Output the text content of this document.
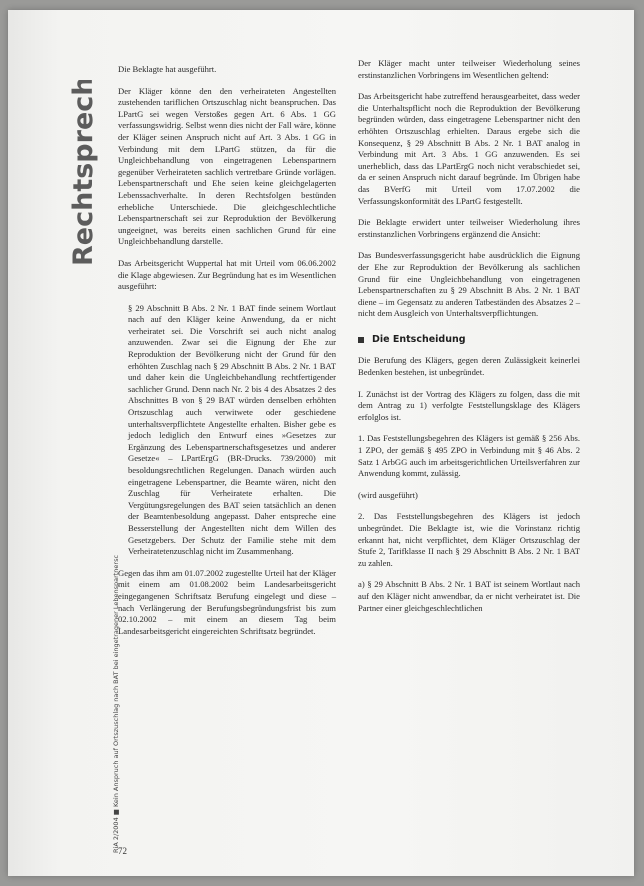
Rechtsprechung
RiA 2/2004 ■ Kein Anspruch auf Ortszuschlag nach BAT bei eingetragener Lebenspartnerschaft

Die Beklagte hat ausgeführt.

Der Kläger könne den den verheirateten Angestellten zustehenden tariflichen Ortszuschlag nicht beanspruchen. Das LPartG sei wegen Verstoßes gegen Art. 6 Abs. 1 GG verfassungswidrig. Selbst wenn dies nicht der Fall wäre, könne der Kläger seinen Anspruch nicht auf Art. 3 Abs. 1 GG in Verbindung mit dem LPartG stützen, da für die Ungleichbehandlung von eingetragenen Lebenspartnern gegenüber Verheirateten sachlich vertretbare Gründe vorlägen. Lebenspartnerschaft und Ehe seien keine gleichgelagerten Lebenssachverhalte. In deren Rechtsfolgen bestünden erhebliche Unterschiede. Die gleichgeschlechtliche Lebenspartnerschaft sei zur Reproduktion der Bevölkerung ungeeignet, was bereits einen sachlichen Grund für eine Ungleichbehandlung darstelle.

Das Arbeitsgericht Wuppertal hat mit Urteil vom 06.06.2002 die Klage abgewiesen. Zur Begründung hat es im Wesentlichen ausgeführt:

§ 29 Abschnitt B Abs. 2 Nr. 1 BAT finde seinem Wortlaut nach auf den Kläger keine Anwendung, da er nicht verheiratet sei. Die Vorschrift sei auch nicht analog anzuwenden. Zwar sei die Eignung der Ehe zur Reproduktion der Bevölkerung nicht der Grund für den erhöhten Zuschlag nach § 29 Abschnitt B Abs. 2 Nr. 1 BAT und daher kein die Ungleichbehandlung rechtfertigender sachlicher Grund. Denn nach Nr. 2 bis 4 des Absatzes 2 des Abschnittes B von § 29 BAT würden denselben erhöhten Ortszuschlag auch verwitwete oder geschiedene unterhaltsverpflichtete Angestellte erhalten. Bisher gebe es jedoch lediglich den Entwurf eines »Gesetzes zur Ergänzung des Lebenspartnerschaftsgesetzes und anderer Gesetze« – LPartErgG (BR-Drucks. 739/2000) mit besoldungsrechtlichen Regelungen. Danach würden auch eingetragene Lebenspartner, die Beamte wären, nicht den Zuschlag für Verheiratete erhalten. Die Vergütungsregelungen des BAT seien tatsächlich an denen der Beamtenbesoldung angepasst. Daher entspreche eine Besserstellung der Angestellten nicht dem Willen des Gesetzgebers. Der Schutz der Familie stehe mit dem Verheiratetenzuschlag nicht im Zusammenhang.

Gegen das ihm am 01.07.2002 zugestellte Urteil hat der Kläger mit einem am 01.08.2002 beim Landesarbeitsgericht eingegangenen Schriftsatz Berufung eingelegt und diese – nach Verlängerung der Berufungsbegründungsfrist bis zum 02.10.2002 – mit einem an diesem Tag beim Landesarbeitsgericht eingereichten Schriftsatz begründet.

Der Kläger macht unter teilweiser Wiederholung seines erstinstanzlichen Vorbringens im Wesentlichen geltend:

Das Arbeitsgericht habe zutreffend herausgearbeitet, dass weder die Unterhaltspflicht noch die Reproduktion der Bevölkerung begründen würden, dass eingetragene Lebenspartner nicht den erhöhten Ortszuschlag erhielten. Daraus ergebe sich die Konsequenz, § 29 Abschnitt B Abs. 2 Nr. 1 BAT analog in Verbindung mit Art. 3 Abs. 1 GG anzuwenden. Es sei unerheblich, dass das LPartErgG noch nicht verabschiedet sei, da er seinen Anspruch nicht darauf begründe. Im Übrigen habe das BVerfG mit Urteil vom 17.07.2002 die Verfassungskonformität des LPartG festgestellt.

Die Beklagte erwidert unter teilweiser Wiederholung ihres erstinstanzlichen Vorbringens ergänzend die Ansicht:

Das Bundesverfassungsgericht habe ausdrücklich die Eignung der Ehe zur Reproduktion der Bevölkerung als sachlichen Grund für eine Ungleichbehandlung von eingetragenen Lebenspartnerschaften zu § 29 Abschnitt B Abs. 2 Nr. 1 BAT diene – im Gegensatz zu anderen Tatbeständen des Absatzes 2 – nicht dem Ausgleich von Unterhaltsverpflichtungen.

Die Entscheidung

Die Berufung des Klägers, gegen deren Zulässigkeit keinerlei Bedenken bestehen, ist unbegründet.

I. Zunächst ist der Vortrag des Klägers zu folgen, dass die mit dem Antrag zu 1) verfolgte Feststellungsklage des Klägers erfolglos ist.

1. Das Feststellungsbegehren des Klägers ist gemäß § 256 Abs. 1 ZPO, der gemäß § 495 ZPO in Verbindung mit § 46 Abs. 2 Satz 1 ArbGG auch im arbeitsgerichtlichen Urteilsverfahren zur Anwendung kommt, zulässig.

(wird ausgeführt)

2. Das Feststellungsbegehren des Klägers ist jedoch unbegründet. Die Beklagte ist, wie die Vorinstanz richtig erkannt hat, nicht verpflichtet, dem Kläger Ortszuschlag der Stufe 2, Tarifklasse II nach § 29 Abschnitt B Abs. 2 Nr. 1 BAT zu zahlen.

a) § 29 Abschnitt B Abs. 2 Nr. 1 BAT ist seinem Wortlaut nach auf den Kläger nicht anwendbar, da er nicht verheiratet ist. Die Partner einer gleichgeschlechtlichen

72
